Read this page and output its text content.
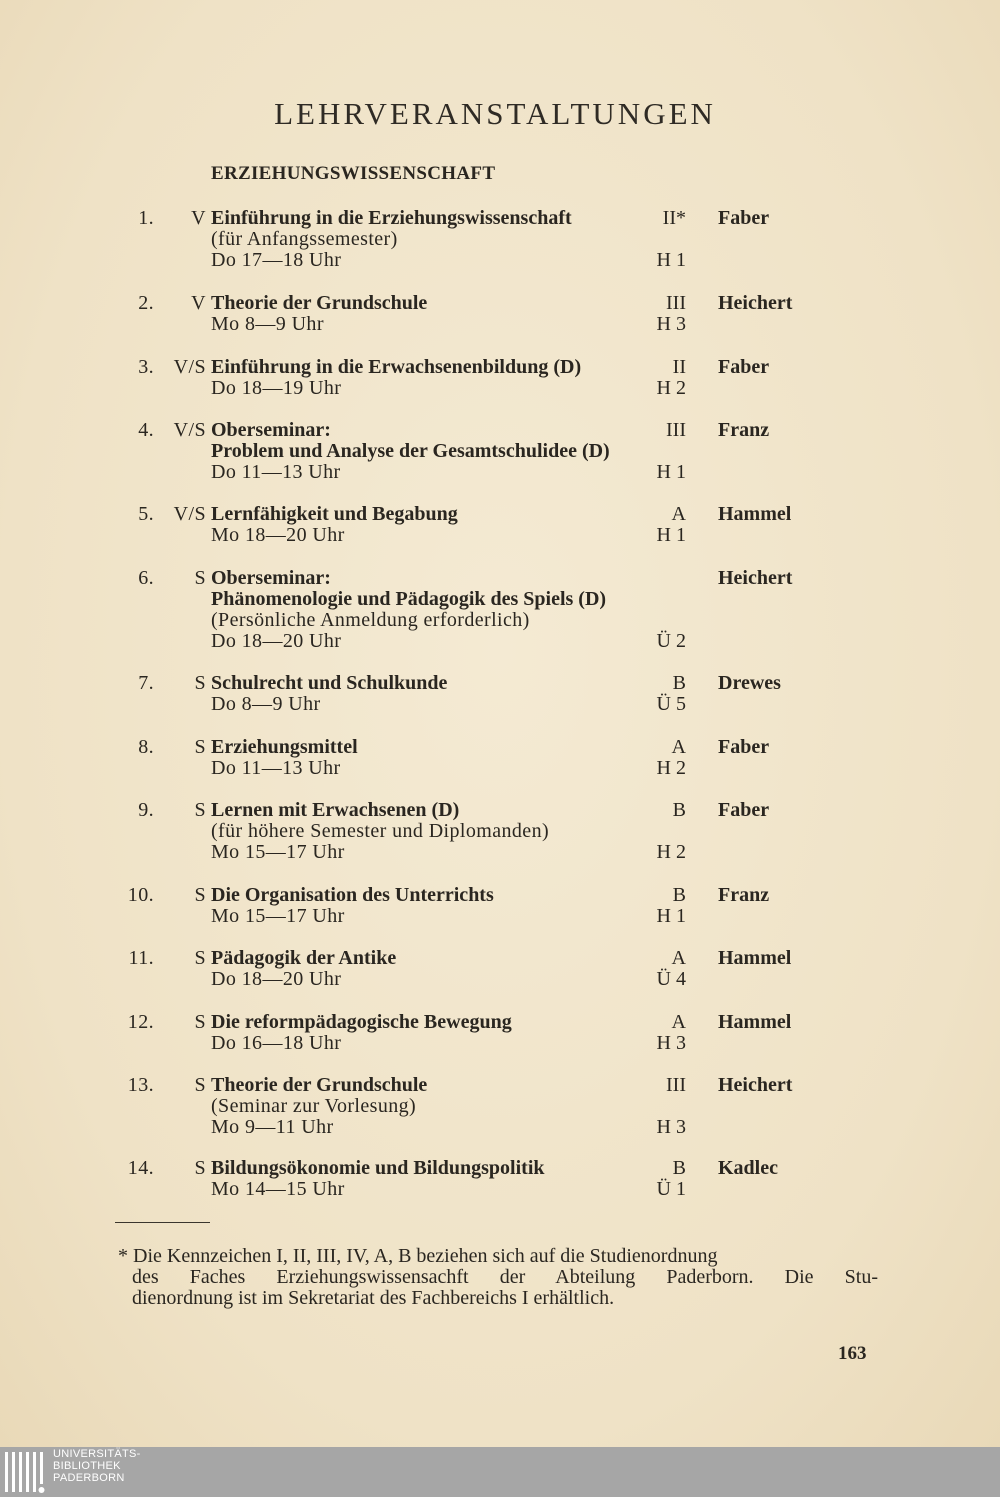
LEHRVERANSTALTUNGEN
ERZIEHUNGSWISSENSCHAFT
1. V Einführung in die Erziehungswissenschaft	II* Faber
(für Anfangssemester)
Do 17—18 Uhr	H 1
2. V Theorie der Grundschule	III Heichert
Mo 8—9 Uhr	H 3
3. V/S Einführung in die Erwachsenenbildung (D)	II Faber
Do 18—19 Uhr	H 2
4. V/S Oberseminar:	III Franz
Problem und Analyse der Gesamtschulidee (D)
Do 11—13 Uhr	H 1
5. V/S Lernfähigkeit und Begabung	A Hammel
Mo 18—20 Uhr	H 1
6.	S Oberseminar:	Heichert
Phänomenologie und Pädagogik des Spiels (D)
(Persönliche Anmeldung erforderlich)
Do 18—20 Uhr	Ü 2
7.	S Schulrecht und Schulkunde	B Drewes
Do 8—9 Uhr	Ü 5
8.	S Erziehungsmittel	A Faber
Do 11—13 Uhr	H 2
9.	S Lernen mit Erwachsenen (D)	B Faber
(für höhere Semester und Diplomanden)
Mo 15—17 Uhr	H 2
10.	S Die Organisation des Unterrichts	B Franz
Mo 15—17 Uhr	H 1
11.	S Pädagogik der Antike	A Hammel
Do 18—20 Uhr	Ü 4
12.	S Die reformpädagogische Bewegung	A Hammel
Do 16—18 Uhr	H 3
13.	S Theorie der Grundschule	III Heichert
(Seminar zur Vorlesung)
Mo 9—11 Uhr	H 3
14.	S Bildungsökonomie und Bildungspolitik	B Kadlec
Mo 14—15 Uhr	Ü 1
* Die Kennzeichen I, II, III, IV, A, B beziehen sich auf die Studienordnung
des Faches Erziehungswissensachft der Abteilung Paderborn. Die Stu-
dienordnung ist im Sekretariat des Fachbereichs I erhältlich.
163
UNIVERSITÄTS-
BIBLIOTHEK
PADERBORN
